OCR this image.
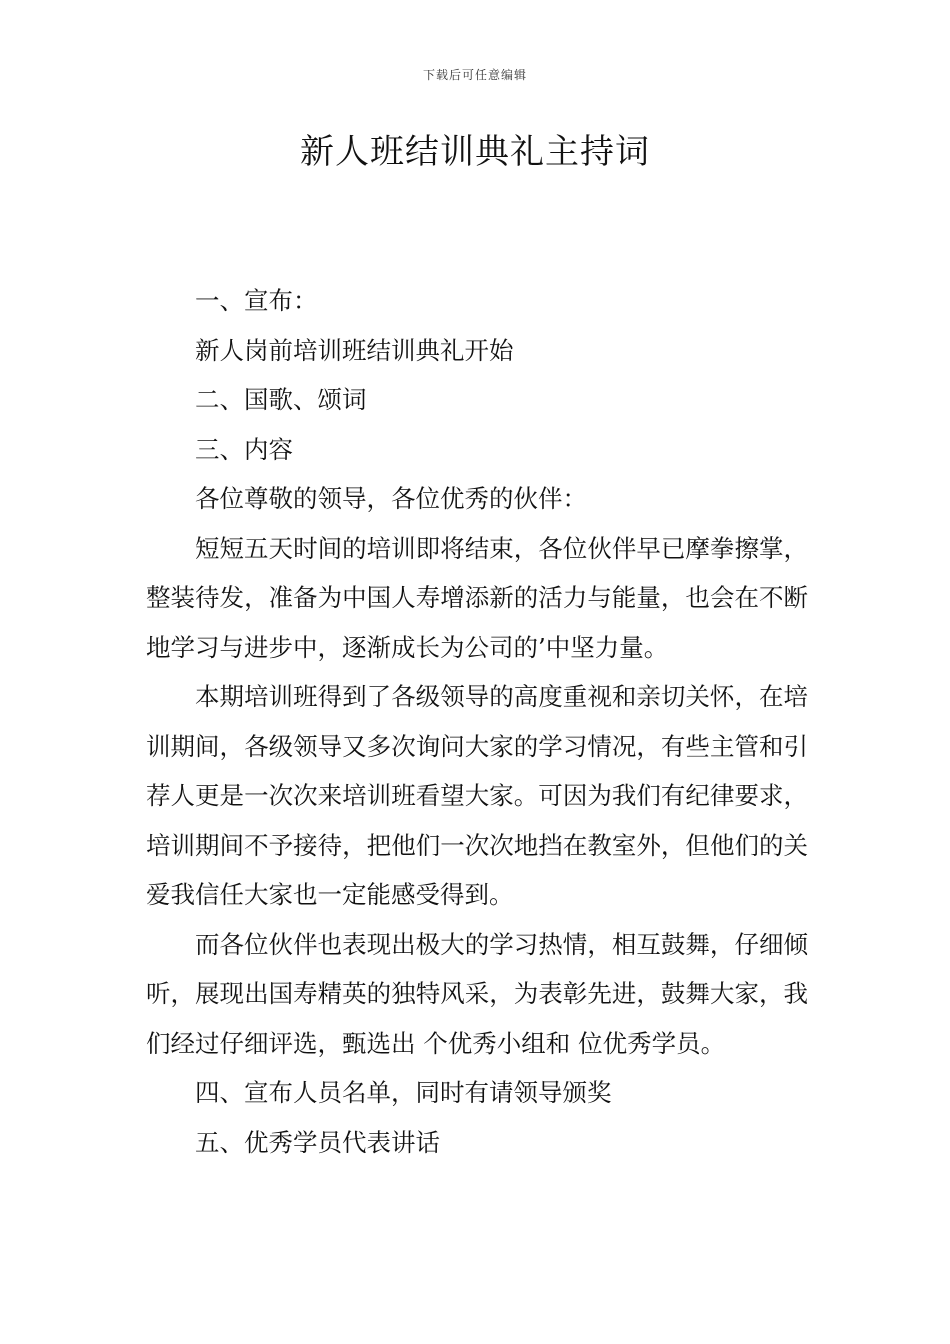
下载后可任意编辑
新人班结训典礼主持词

一、宣布：

新人岗前培训班结训典礼开始

二、国歌、颂词

三、内容

各位尊敬的领导，各位优秀的伙伴：

短短五天时间的培训即将结束，各位伙伴早已摩拳擦掌，整装待发，准备为中国人寿增添新的活力与能量，也会在不断地学习与进步中，逐渐成长为公司的’中坚力量。

本期培训班得到了各级领导的高度重视和亲切关怀，在培训期间，各级领导又多次询问大家的学习情况，有些主管和引荐人更是一次次来培训班看望大家。可因为我们有纪律要求，培训期间不予接待，把他们一次次地挡在教室外，但他们的关爱我信任大家也一定能感受得到。

而各位伙伴也表现出极大的学习热情，相互鼓舞，仔细倾听，展现出国寿精英的独特风采，为表彰先进，鼓舞大家，我们经过仔细评选，甄选出 个优秀小组和 位优秀学员。

四、宣布人员名单，同时有请领导颁奖

五、优秀学员代表讲话
